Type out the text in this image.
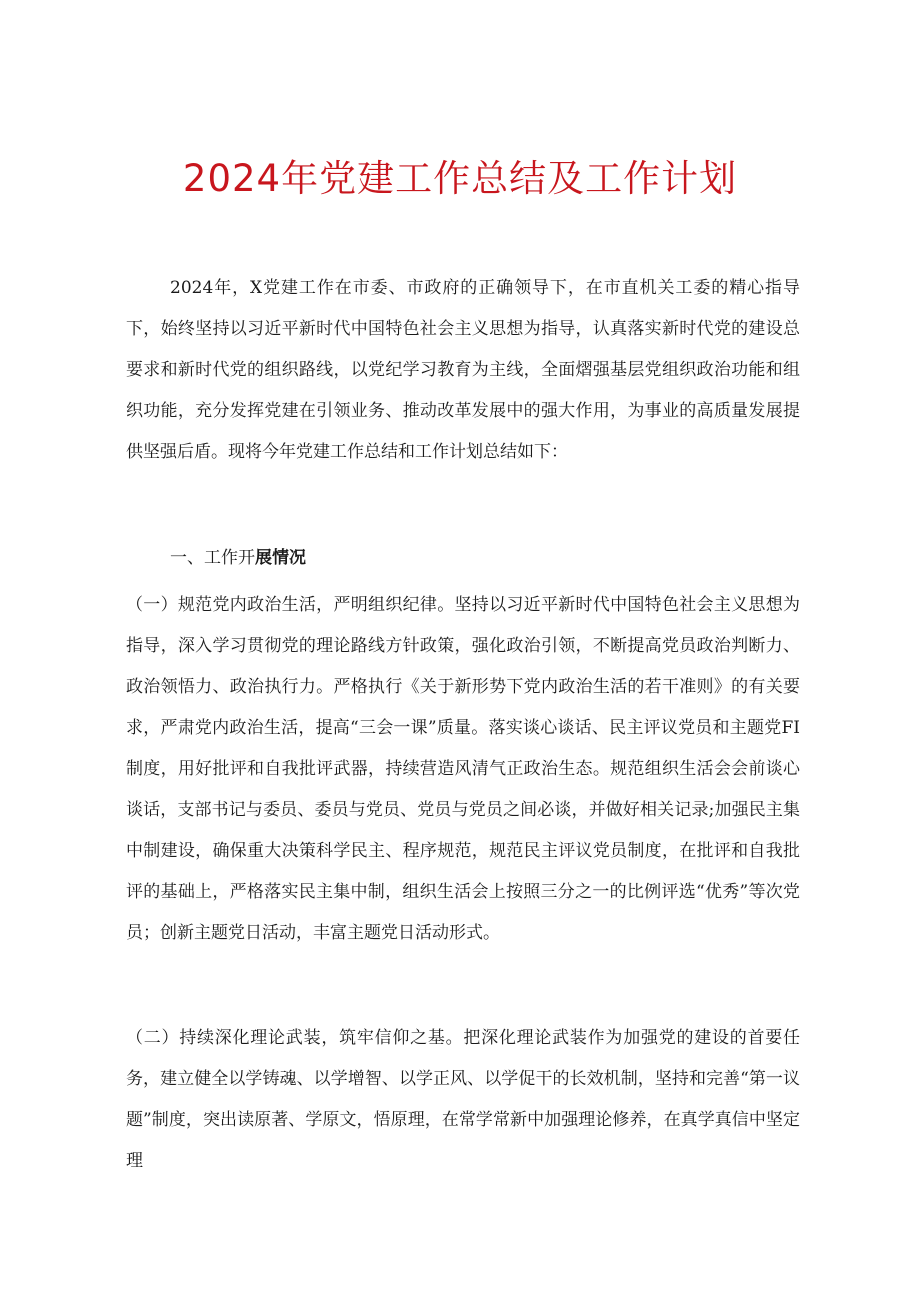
2024年党建工作总结及工作计划

2024年，X党建工作在市委、市政府的正确领导下，在市直机关工委的精心指导下，始终坚持以习近平新时代中国特色社会主义思想为指导，认真落实新时代党的建设总要求和新时代党的组织路线，以党纪学习教育为主线，全面熠强基层党组织政治功能和组织功能，充分发挥党建在引领业务、推动改革发展中的强大作用，为事业的高质量发展提供坚强后盾。现将今年党建工作总结和工作计划总结如下：

一、工作开展情况

（一）规范党内政治生活，严明组织纪律。坚持以习近平新时代中国特色社会主义思想为指导，深入学习贯彻党的理论路线方针政策，强化政治引领，不断提高党员政治判断力、政治领悟力、政治执行力。严格执行《关于新形势下党内政治生活的若干准则》的有关要求，严肃党内政治生活，提高“三会一课”质量。落实谈心谈话、民主评议党员和主题党FI制度，用好批评和自我批评武器，持续营造风清气正政治生态。规范组织生活会会前谈心谈话，支部书记与委员、委员与党员、党员与党员之间必谈，并做好相关记录;加强民主集中制建设，确保重大决策科学民主、程序规范，规范民主评议党员制度，在批评和自我批评的基础上，严格落实民主集中制，组织生活会上按照三分之一的比例评选“优秀”等次党员；创新主题党日活动，丰富主题党日活动形式。

（二）持续深化理论武装，筑牢信仰之基。把深化理论武装作为加强党的建设的首要任务，建立健全以学铸魂、以学增智、以学正风、以学促干的长效机制，坚持和完善“第一议题”制度，突出读原著、学原文，悟原理，在常学常新中加强理论修养，在真学真信中坚定理
